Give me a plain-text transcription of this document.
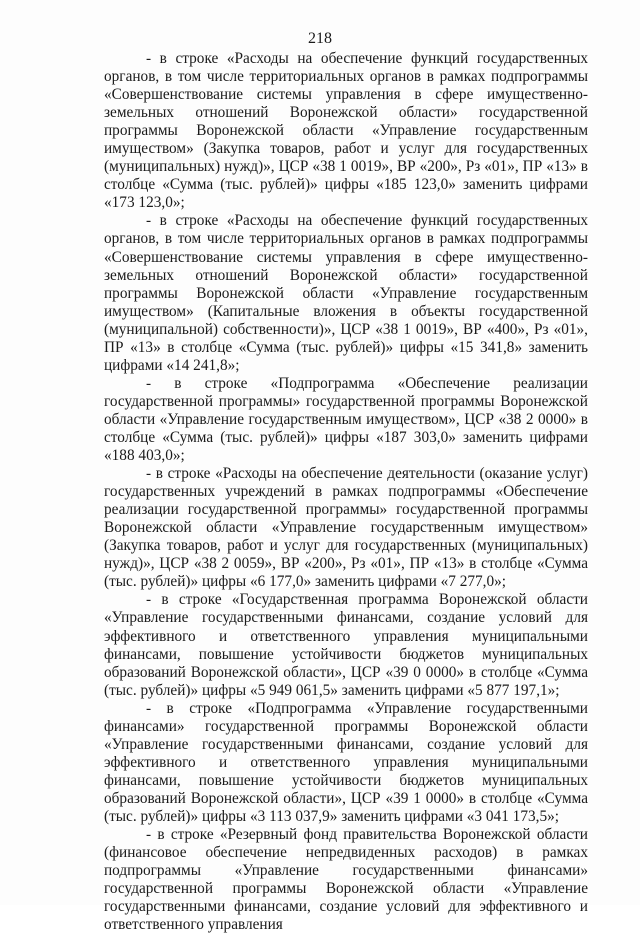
218

- в строке «Расходы на обеспечение функций государственных органов, в том числе территориальных органов в рамках подпрограммы «Совершенствование системы управления в сфере имущественно-земельных отношений Воронежской области» государственной программы Воронежской области «Управление государственным имуществом» (Закупка товаров, работ и услуг для государственных (муниципальных) нужд)», ЦСР «38 1 0019», ВР «200», Рз «01», ПР «13» в столбце «Сумма (тыс. рублей)» цифры «185 123,0» заменить цифрами «173 123,0»;

- в строке «Расходы на обеспечение функций государственных органов, в том числе территориальных органов в рамках подпрограммы «Совершенствование системы управления в сфере имущественно-земельных отношений Воронежской области» государственной программы Воронежской области «Управление государственным имуществом» (Капитальные вложения в объекты государственной (муниципальной) собственности)», ЦСР «38 1 0019», ВР «400», Рз «01», ПР «13» в столбце «Сумма (тыс. рублей)» цифры «15 341,8» заменить цифрами «14 241,8»;

- в строке «Подпрограмма «Обеспечение реализации государственной программы» государственной программы Воронежской области «Управление государственным имуществом», ЦСР «38 2 0000» в столбце «Сумма (тыс. рублей)» цифры «187 303,0» заменить цифрами «188 403,0»;

- в строке «Расходы на обеспечение деятельности (оказание услуг) государственных учреждений в рамках подпрограммы «Обеспечение реализации государственной программы» государственной программы Воронежской области «Управление государственным имуществом» (Закупка товаров, работ и услуг для государственных (муниципальных) нужд)», ЦСР «38 2 0059», ВР «200», Рз «01», ПР «13» в столбце «Сумма (тыс. рублей)» цифры «6 177,0» заменить цифрами «7 277,0»;

- в строке «Государственная программа Воронежской области «Управление государственными финансами, создание условий для эффективного и ответственного управления муниципальными финансами, повышение устойчивости бюджетов муниципальных образований Воронежской области», ЦСР «39 0 0000» в столбце «Сумма (тыс. рублей)» цифры «5 949 061,5» заменить цифрами «5 877 197,1»;

- в строке «Подпрограмма «Управление государственными финансами» государственной программы Воронежской области «Управление государственными финансами, создание условий для эффективного и ответственного управления муниципальными финансами, повышение устойчивости бюджетов муниципальных образований Воронежской области», ЦСР «39 1 0000» в столбце «Сумма (тыс. рублей)» цифры «3 113 037,9» заменить цифрами «3 041 173,5»;

- в строке «Резервный фонд правительства Воронежской области (финансовое обеспечение непредвиденных расходов) в рамках подпрограммы «Управление государственными финансами» государственной программы Воронежской области «Управление государственными финансами, создание условий для эффективного и ответственного управления
